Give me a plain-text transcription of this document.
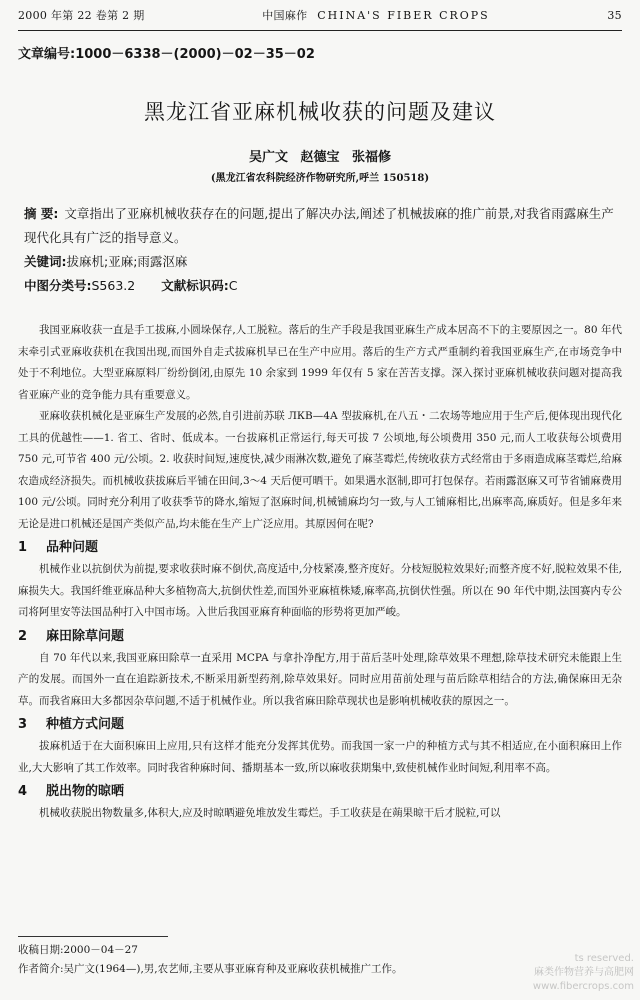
2000 年第 22 卷第 2 期	中国麻作 CHINA'S FIBER CROPS	35
文章编号:1000－6338－(2000)－02－35－02
黑龙江省亚麻机械收获的问题及建议
吴广文 赵德宝 张福修
(黑龙江省农科院经济作物研究所,呼兰 150518)
摘 要: 文章指出了亚麻机械收获存在的问题,提出了解决办法,阐述了机械拔麻的推广前景,对我省雨露麻生产现代化具有广泛的指导意义。
关键词:拔麻机;亚麻;雨露沤麻
中图分类号:S563.2 文献标识码:C

我国亚麻收获一直是手工拔麻,小圆垛保存,人工脱粒。落后的生产手段是我国亚麻生产成本居高不下的主要原因之一。80 年代末牵引式亚麻收获机在我国出现,而国外自走式拔麻机早已在生产中应用。落后的生产方式严重制约着我国亚麻生产,在市场竞争中处于不利地位。大型亚麻原料厂纷纷倒闭,由原先 10 余家到 1999 年仅有 5 家在苦苦支撑。深入探讨亚麻机械收获问题对提高我省亚麻产业的竞争能力具有重要意义。

亚麻收获机械化是亚麻生产发展的必然,自引进前苏联 ЛКВ—4А 型拔麻机,在八五・二农场等地应用于生产后,便体现出现代化工具的优越性——1. 省工、省时、低成本。一台拔麻机正常运行,每天可拔 7 公顷地,每公顷费用 350 元,而人工收获每公顷费用 750 元,可节省 400 元/公顷。2. 收获时间短,速度快,减少雨淋次数,避免了麻茎霉烂,传统收获方式经常由于多雨造成麻茎霉烂,给麻农造成经济损失。而机械收获拔麻后平铺在田间,3～4 天后便可晒干。如果遇水沤制,即可打包保存。若雨露沤麻又可节省铺麻费用 100 元/公顷。同时充分利用了收获季节的降水,缩短了沤麻时间,机械铺麻均匀一致,与人工铺麻相比,出麻率高,麻质好。但是多年来无论是进口机械还是国产类似产品,均未能在生产上广泛应用。其原因何在呢?

1 品种问题

机械作业以抗倒伏为前提,要求收获时麻不倒伏,高度适中,分枝紧凑,整齐度好。分枝短脱粒效果好;而整齐度不好,脱粒效果不佳,麻损失大。我国纤维亚麻品种大多植物高大,抗倒伏性差,而国外亚麻植株矮,麻率高,抗倒伏性强。所以在 90 年代中期,法国赛内专公司将阿里安等法国品种打入中国市场。入世后我国亚麻育种面临的形势将更加严峻。

2 麻田除草问题

自 70 年代以来,我国亚麻田除草一直采用 MCPA 与拿扑净配方,用于苗后茎叶处理,除草效果不理想,除草技术研究未能跟上生产的发展。而国外一直在追踪新技术,不断采用新型药剂,除草效果好。同时应用苗前处理与苗后除草相结合的方法,确保麻田无杂草。而我省麻田大多都因杂草问题,不适于机械作业。所以我省麻田除草现状也是影响机械收获的原因之一。

3 种植方式问题

拔麻机适于在大面积麻田上应用,只有这样才能充分发挥其优势。而我国一家一户的种植方式与其不相适应,在小面积麻田上作业,大大影响了其工作效率。同时我省种麻时间、播期基本一致,所以麻收获期集中,致使机械作业时间短,利用率不高。

4 脱出物的晾晒

机械收获脱出物数量多,体积大,应及时晾晒避免堆放发生霉烂。手工收获是在蒴果晾干后才脱粒,可以

收稿日期:2000－04－27
作者简介:吴广文(1964—),男,农艺师,主要从事亚麻育种及亚麻收获机械推广工作。
ts reserved.
麻类作物营养与高肥网
www.fibercrops.com
